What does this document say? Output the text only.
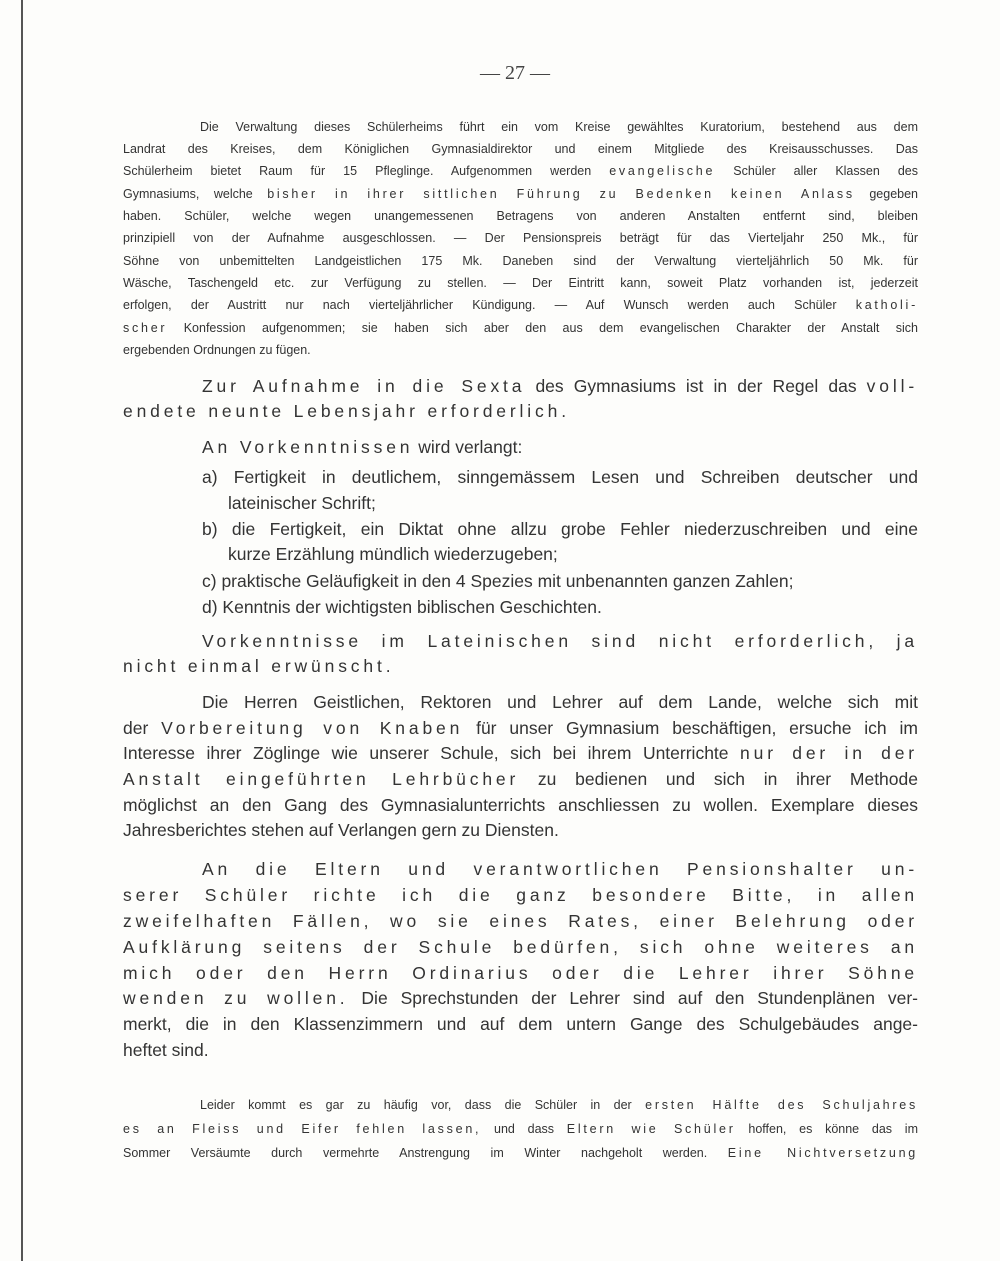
— 27 —
Die Verwaltung dieses Schülerheims führt ein vom Kreise gewähltes Kuratorium, bestehend aus dem
Landrat des Kreises, dem Königlichen Gymnasialdirektor und einem Mitgliede des Kreisausschusses. Das
Schülerheim bietet Raum für 15 Pfleglinge. Aufgenommen werden evangelische Schüler aller Klassen des
Gymnasiums, welche bisher in ihrer sittlichen Führung zu Bedenken keinen Anlass gegeben
haben. Schüler, welche wegen unangemessenen Betragens von anderen Anstalten entfernt sind, bleiben
prinzipiell von der Aufnahme ausgeschlossen. — Der Pensionspreis beträgt für das Vierteljahr 250 Mk., für
Söhne von unbemittelten Landgeistlichen 175 Mk. Daneben sind der Verwaltung vierteljährlich 50 Mk. für
Wäsche, Taschengeld etc. zur Verfügung zu stellen. — Der Eintritt kann, soweit Platz vorhanden ist, jederzeit
erfolgen, der Austritt nur nach vierteljährlicher Kündigung. — Auf Wunsch werden auch Schüler katholi-
scher Konfession aufgenommen; sie haben sich aber den aus dem evangelischen Charakter der Anstalt sich
ergebenden Ordnungen zu fügen.
Zur Aufnahme in die Sexta des Gymnasiums ist in der Regel das voll-
endete neunte Lebensjahr erforderlich.
An Vorkenntnissen wird verlangt:
a) Fertigkeit in deutlichem, sinngemässem Lesen und Schreiben deutscher und
lateinischer Schrift;
b) die Fertigkeit, ein Diktat ohne allzu grobe Fehler niederzuschreiben und eine
kurze Erzählung mündlich wiederzugeben;
c) praktische Geläufigkeit in den 4 Spezies mit unbenannten ganzen Zahlen;
d) Kenntnis der wichtigsten biblischen Geschichten.
Vorkenntnisse im Lateinischen sind nicht erforderlich, ja
nicht einmal erwünscht.
Die Herren Geistlichen, Rektoren und Lehrer auf dem Lande, welche sich mit
der Vorbereitung von Knaben für unser Gymnasium beschäftigen, ersuche ich im
Interesse ihrer Zöglinge wie unserer Schule, sich bei ihrem Unterrichte nur der in der
Anstalt eingeführten Lehrbücher zu bedienen und sich in ihrer Methode
möglichst an den Gang des Gymnasialunterrichts anschliessen zu wollen. Exemplare dieses
Jahresberichtes stehen auf Verlangen gern zu Diensten.
An die Eltern und verantwortlichen Pensionshalter un-
serer Schüler richte ich die ganz besondere Bitte, in allen
zweifelhaften Fällen, wo sie eines Rates, einer Belehrung oder
Aufklärung seitens der Schule bedürfen, sich ohne weiteres an
mich oder den Herrn Ordinarius oder die Lehrer ihrer Söhne
wenden zu wollen. Die Sprechstunden der Lehrer sind auf den Stundenplänen ver-
merkt, die in den Klassenzimmern und auf dem untern Gange des Schulgebäudes ange-
heftet sind.
Leider kommt es gar zu häufig vor, dass die Schüler in der ersten Hälfte des Schuljahres
es an Fleiss und Eifer fehlen lassen, und dass Eltern wie Schüler hoffen, es könne das im
Sommer Versäumte durch vermehrte Anstrengung im Winter nachgeholt werden. Eine Nichtversetzung
